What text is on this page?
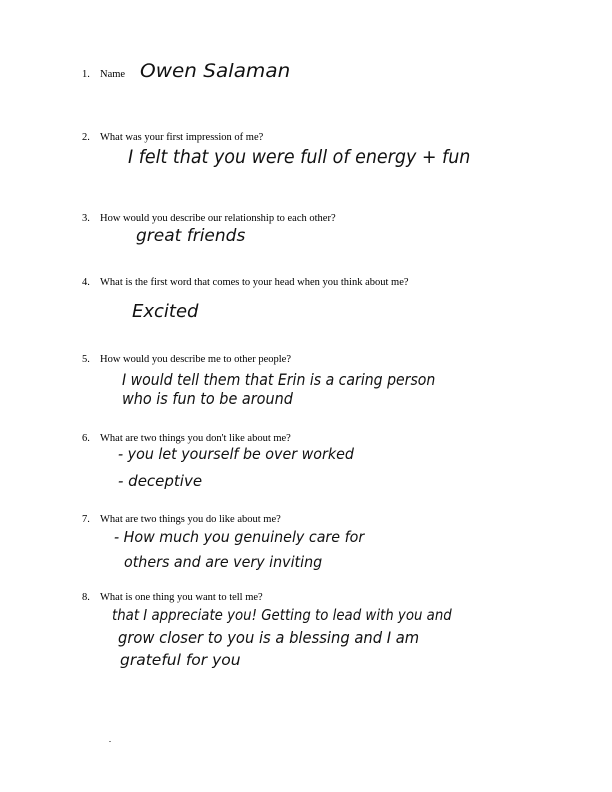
1. Name Owen Salaman
2. What was your first impression of me?
I felt that you were full of energy + fun
3. How would you describe our relationship to each other?
great friends
4. What is the first word that comes to your head when you think about me?
Excited
5. How would you describe me to other people?
I would tell them that Erin is a caring person
who is fun to be around
6. What are two things you don't like about me?
- you let yourself be over worked
- deceptive
7. What are two things you do like about me?
- How much you genuinely care for
others and are very inviting
8. What is one thing you want to tell me?
that I appreciate you! Getting to lead with you and
grow closer to you is a blessing and I am
grateful for you
